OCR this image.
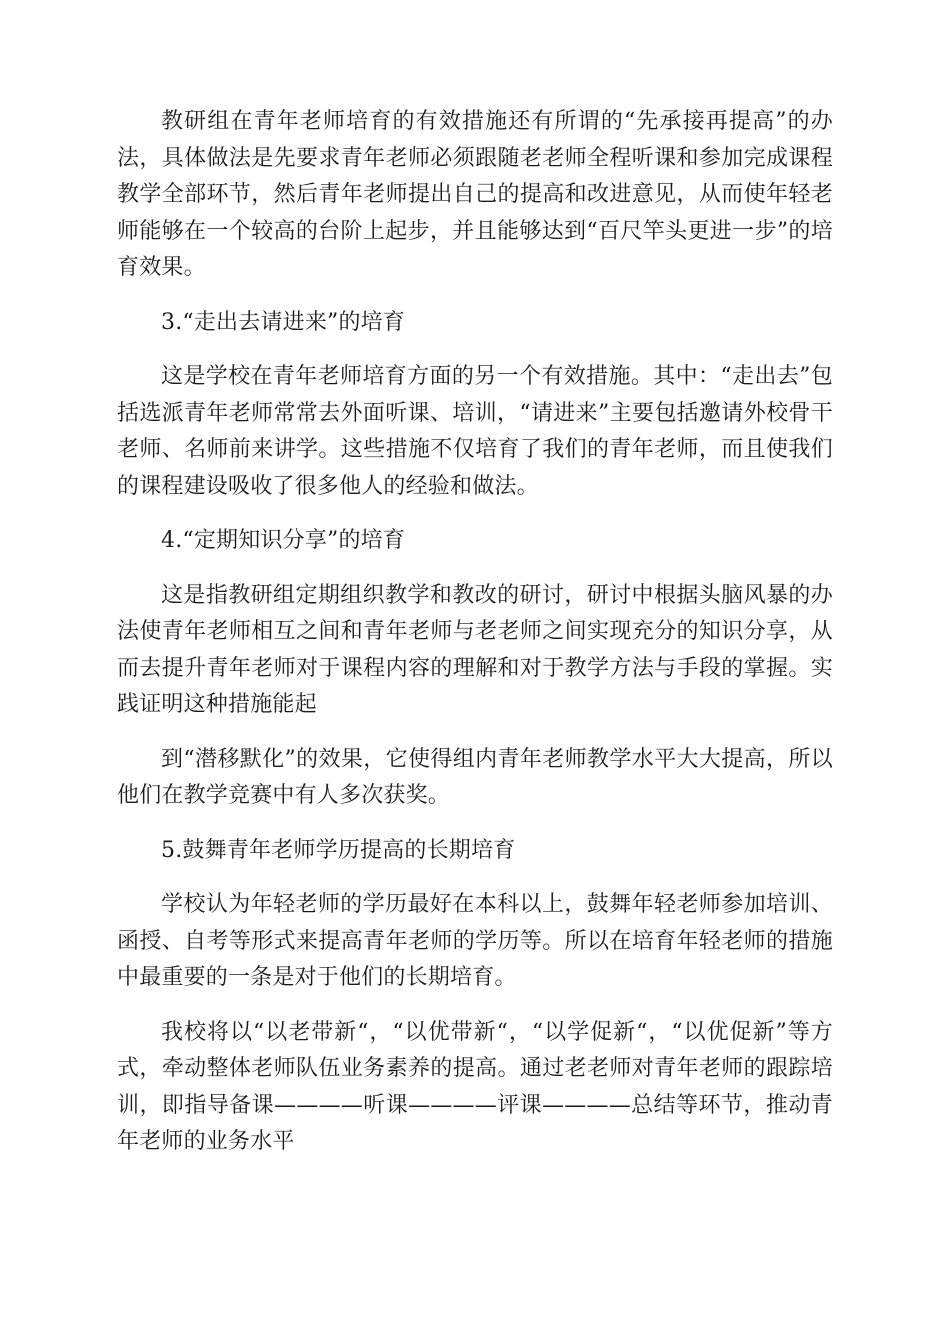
教研组在青年老师培育的有效措施还有所谓的“先承接再提高”的办法，具体做法是先要求青年老师必须跟随老老师全程听课和参加完成课程教学全部环节，然后青年老师提出自己的提高和改进意见，从而使年轻老师能够在一个较高的台阶上起步，并且能够达到“百尺竿头更进一步”的培育效果。

3.“走出去请进来”的培育

这是学校在青年老师培育方面的另一个有效措施。其中：“走出去”包括选派青年老师常常去外面听课、培训，“请进来”主要包括邀请外校骨干老师、名师前来讲学。这些措施不仅培育了我们的青年老师，而且使我们的课程建设吸收了很多他人的经验和做法。

4.“定期知识分享”的培育

这是指教研组定期组织教学和教改的研讨，研讨中根据头脑风暴的办法使青年老师相互之间和青年老师与老老师之间实现充分的知识分享，从而去提升青年老师对于课程内容的理解和对于教学方法与手段的掌握。实践证明这种措施能起

到“潜移默化”的效果，它使得组内青年老师教学水平大大提高，所以他们在教学竞赛中有人多次获奖。

5.鼓舞青年老师学历提高的长期培育

学校认为年轻老师的学历最好在本科以上，鼓舞年轻老师参加培训、函授、自考等形式来提高青年老师的学历等。所以在培育年轻老师的措施中最重要的一条是对于他们的长期培育。

我校将以“以老带新“，“以优带新“，“以学促新“，“以优促新”等方式，牵动整体老师队伍业务素养的提高。通过老老师对青年老师的跟踪培训，即指导备课————听课————评课————总结等环节，推动青年老师的业务水平
